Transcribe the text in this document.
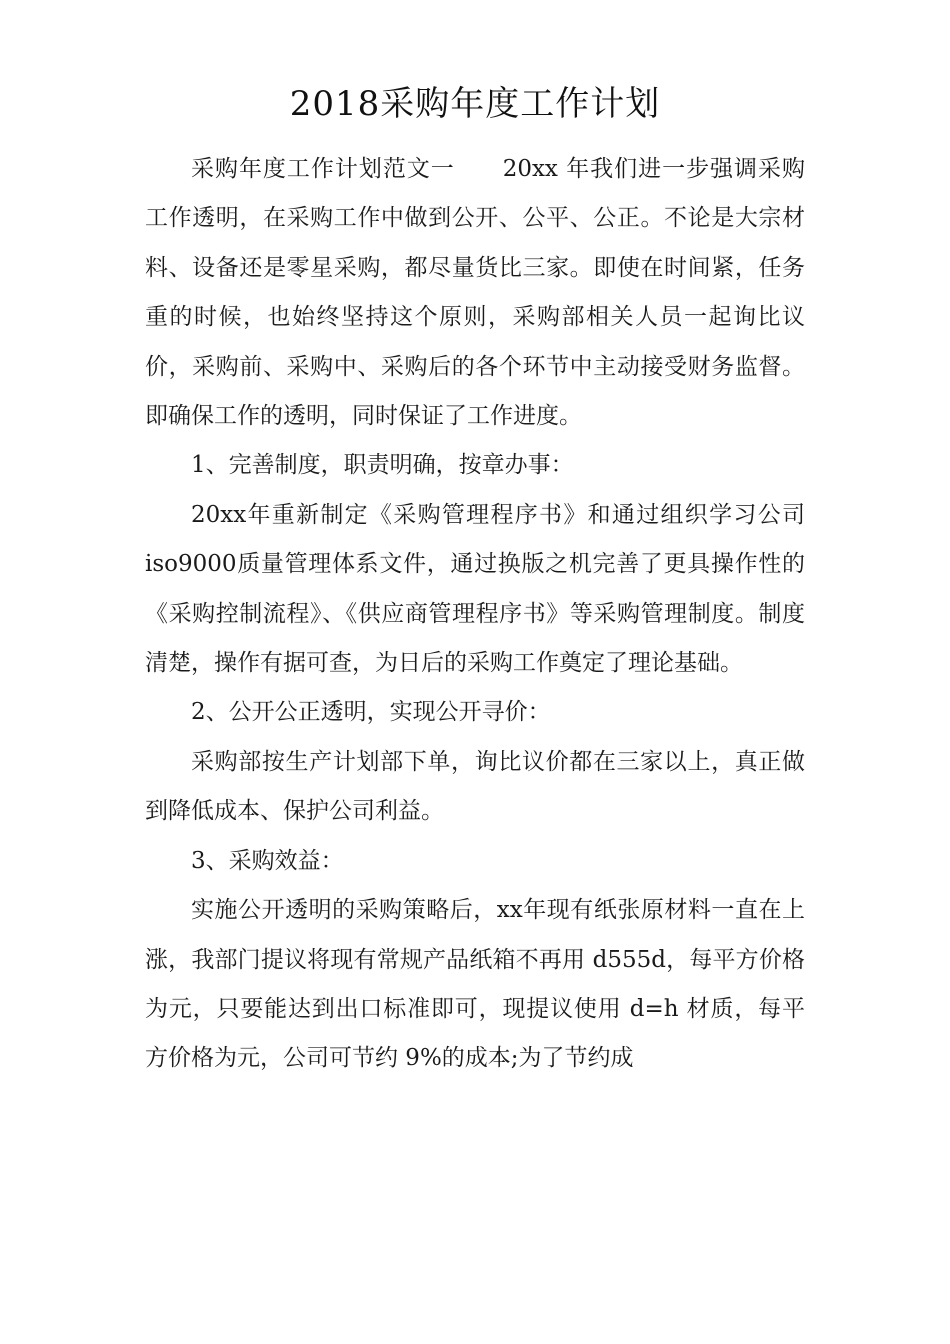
2018采购年度工作计划

采购年度工作计划范文一　　20xx 年我们进一步强调采购工作透明，在采购工作中做到公开、公平、公正。不论是大宗材料、设备还是零星采购，都尽量货比三家。即使在时间紧，任务重的时候，也始终坚持这个原则，采购部相关人员一起询比议价，采购前、采购中、采购后的各个环节中主动接受财务监督。即确保工作的透明，同时保证了工作进度。

1、完善制度，职责明确，按章办事：

20xx年重新制定《采购管理程序书》和通过组织学习公司iso9000质量管理体系文件，通过换版之机完善了更具操作性的《采购控制流程》、《供应商管理程序书》等采购管理制度。制度清楚，操作有据可查，为日后的采购工作奠定了理论基础。

2、公开公正透明，实现公开寻价：

采购部按生产计划部下单，询比议价都在三家以上，真正做到降低成本、保护公司利益。

3、采购效益：

实施公开透明的采购策略后，xx年现有纸张原材料一直在上涨，我部门提议将现有常规产品纸箱不再用 d555d，每平方价格为元，只要能达到出口标准即可，现提议使用 d=h 材质，每平方价格为元，公司可节约 9%的成本;为了节约成
